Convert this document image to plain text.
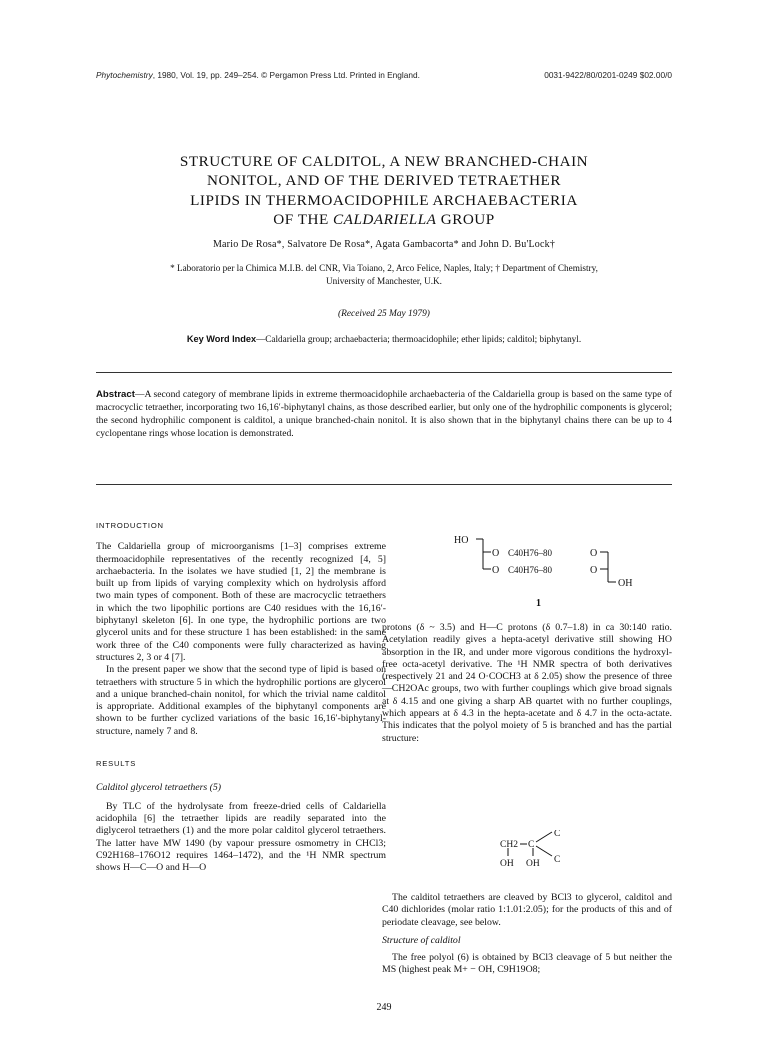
Phytochemistry, 1980, Vol. 19, pp. 249–254. © Pergamon Press Ltd. Printed in England.	0031-9422/80/0201-0249 $02.00/0
STRUCTURE OF CALDITOL, A NEW BRANCHED-CHAIN
NONITOL, AND OF THE DERIVED TETRAETHER
LIPIDS IN THERMOACIDOPHILE ARCHAEBACTERIA
OF THE CALDARIELLA GROUP
Mario De Rosa*, Salvatore De Rosa*, Agata Gambacorta* and John D. Bu'Lock†
* Laboratorio per la Chimica M.I.B. del CNR, Via Toiano, 2, Arco Felice, Naples, Italy; † Department of Chemistry,
University of Manchester, U.K.
(Received 25 May 1979)
Key Word Index—Caldariella group; archaebacteria; thermoacidophile; ether lipids; calditol; biphytanyl.

Abstract—A second category of membrane lipids in extreme thermoacidophile archaebacteria of the Caldariella group is based on the same type of macrocyclic tetraether, incorporating two 16,16′-biphytanyl chains, as those described earlier, but only one of the hydrophilic components is glycerol; the second hydrophilic component is calditol, a unique branched-chain nonitol. It is also shown that in the biphytanyl chains there can be up to 4 cyclopentane rings whose location is demonstrated.

INTRODUCTION

The Caldariella group of microorganisms [1–3] comprises extreme thermoacidophile representatives of the recently recognized [4, 5] archaebacteria. In the isolates we have studied [1, 2] the membrane is built up from lipids of varying complexity which on hydrolysis afford two main types of component. Both of these are macrocyclic tetraethers in which the two lipophilic portions are C40 residues with the 16,16′-biphytanyl skeleton [6]. In one type, the hydrophilic portions are two glycerol units and for these structure 1 has been established: in the same work three of the C40 components were fully characterized as having structures 2, 3 or 4 [7].

In the present paper we show that the second type of lipid is based on tetraethers with structure 5 in which the hydrophilic portions are glycerol and a unique branched-chain nonitol, for which the trivial name calditol is appropriate. Additional examples of the biphytanyl components are shown to be further cyclized variations of the basic 16,16′-biphytanyl-structure, namely 7 and 8.

RESULTS

Calditol glycerol tetraethers (5)

By TLC of the hydrolysate from freeze-dried cells of Caldariella acidophila [6] the tetraether lipids are readily separated into the diglycerol tetraethers (1) and the more polar calditol glycerol tetraethers. The latter have MW 1490 (by vapour pressure osmometry in CHCl3; C92H168–176O12 requires 1464–1472), and the ¹H NMR spectrum shows H—C—O and H—O

HO
O C40H76–80	O
O C40H76–80	O
OH
1

protons (δ ~ 3.5) and H—C protons (δ 0.7–1.8) in ca 30:140 ratio. Acetylation readily gives a hepta-acetyl derivative still showing HO absorption in the IR, and under more vigorous conditions the hydroxyl-free octa-acetyl derivative. The ¹H NMR spectra of both derivatives (respectively 21 and 24 O·COCH3 at δ 2.05) show the presence of three —CH2OAc groups, two with further couplings which give broad signals at δ 4.15 and one giving a sharp AB quartet with no further couplings, which appears at δ 4.3 in the hepta-acetate and δ 4.7 in the octa-actate. This indicates that the polyol moiety of 5 is branched and has the partial structure:

C
CH2 C
C
OH OH

The calditol tetraethers are cleaved by BCl3 to glycerol, calditol and C40 dichlorides (molar ratio 1:1.01:2.05); for the products of this and of periodate cleavage, see below.

Structure of calditol

The free polyol (6) is obtained by BCl3 cleavage of 5 but neither the MS (highest peak M+ − OH, C9H19O8;

249
